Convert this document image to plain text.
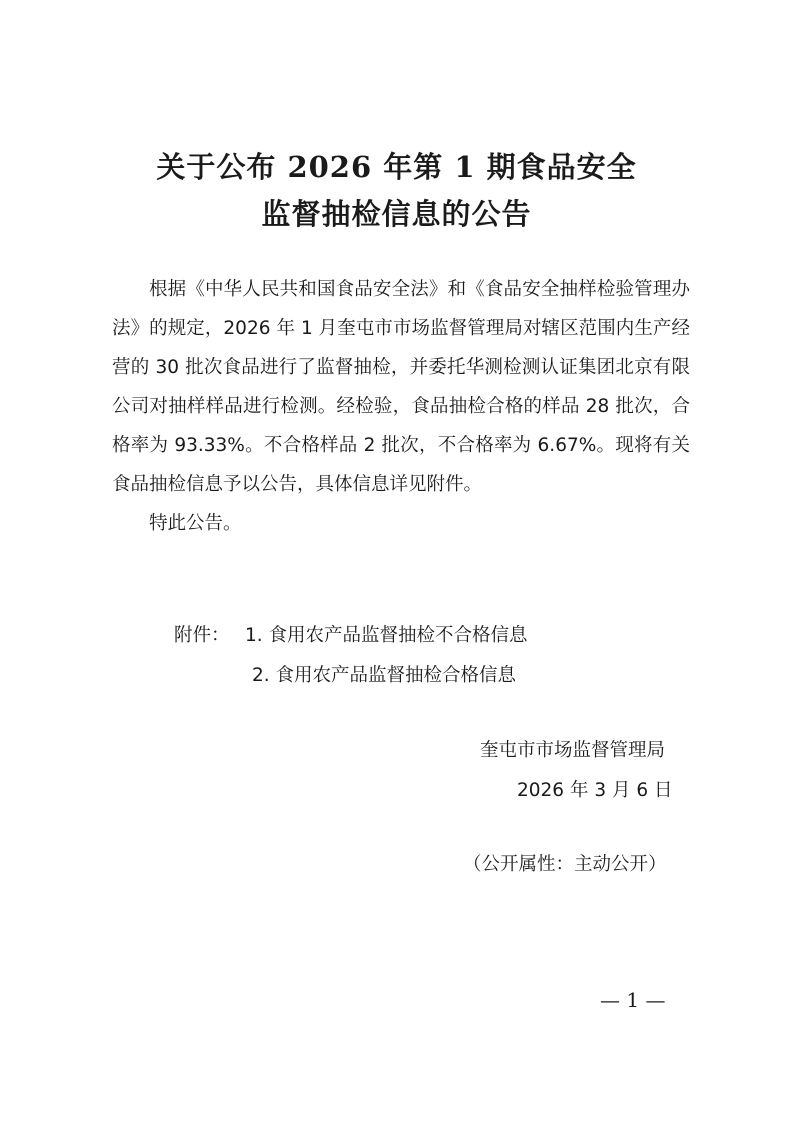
关于公布 2026 年第 1 期食品安全
监督抽检信息的公告

根据《中华人民共和国食品安全法》和《食品安全抽样检验管理办法》的规定，2026 年 1 月奎屯市市场监督管理局对辖区范围内生产经营的 30 批次食品进行了监督抽检，并委托华测检测认证集团北京有限公司对抽样样品进行检测。经检验，食品抽检合格的样品 28 批次，合格率为 93.33%。不合格样品 2 批次，不合格率为 6.67%。现将有关食品抽检信息予以公告，具体信息详见附件。

特此公告。

附件： 1. 食用农产品监督抽检不合格信息
2. 食用农产品监督抽检合格信息
奎屯市市场监督管理局
2026 年 3 月 6 日
（公开属性：主动公开）
— 1 —
